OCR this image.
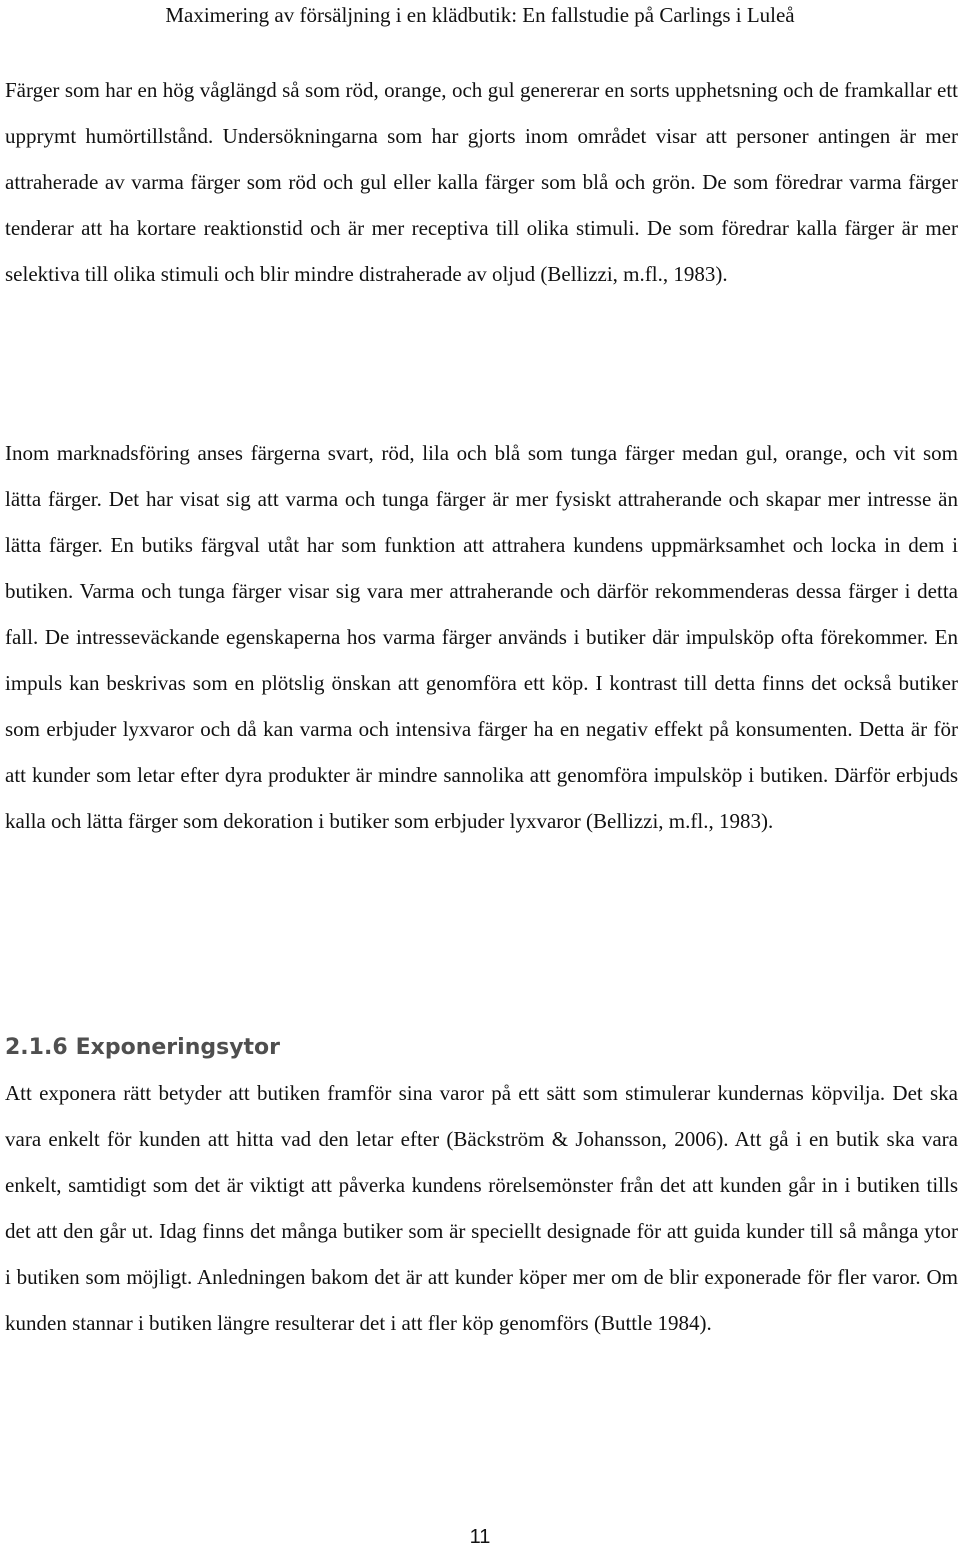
Maximering av försäljning i en klädbutik: En fallstudie på Carlings i Luleå

Färger som har en hög våglängd så som röd, orange, och gul genererar en sorts upphetsning och de framkallar ett upprymt humörtillstånd. Undersökningarna som har gjorts inom området visar att personer antingen är mer attraherade av varma färger som röd och gul eller kalla färger som blå och grön. De som föredrar varma färger tenderar att ha kortare reaktionstid och är mer receptiva till olika stimuli. De som föredrar kalla färger är mer selektiva till olika stimuli och blir mindre distraherade av oljud (Bellizzi, m.fl., 1983).

Inom marknadsföring anses färgerna svart, röd, lila och blå som tunga färger medan gul, orange, och vit som lätta färger. Det har visat sig att varma och tunga färger är mer fysiskt attraherande och skapar mer intresse än lätta färger. En butiks färgval utåt har som funktion att attrahera kundens uppmärksamhet och locka in dem i butiken. Varma och tunga färger visar sig vara mer attraherande och därför rekommenderas dessa färger i detta fall. De intresseväckande egenskaperna hos varma färger används i butiker där impulsköp ofta förekommer. En impuls kan beskrivas som en plötslig önskan att genomföra ett köp. I kontrast till detta finns det också butiker som erbjuder lyxvaror och då kan varma och intensiva färger ha en negativ effekt på konsumenten. Detta är för att kunder som letar efter dyra produkter är mindre sannolika att genomföra impulsköp i butiken. Därför erbjuds kalla och lätta färger som dekoration i butiker som erbjuder lyxvaror (Bellizzi, m.fl., 1983).

2.1.6 Exponeringsytor

Att exponera rätt betyder att butiken framför sina varor på ett sätt som stimulerar kundernas köpvilja. Det ska vara enkelt för kunden att hitta vad den letar efter (Bäckström & Johansson, 2006). Att gå i en butik ska vara enkelt, samtidigt som det är viktigt att påverka kundens rörelsemönster från det att kunden går in i butiken tills det att den går ut. Idag finns det många butiker som är speciellt designade för att guida kunder till så många ytor i butiken som möjligt. Anledningen bakom det är att kunder köper mer om de blir exponerade för fler varor. Om kunden stannar i butiken längre resulterar det i att fler köp genomförs (Buttle 1984).

11
